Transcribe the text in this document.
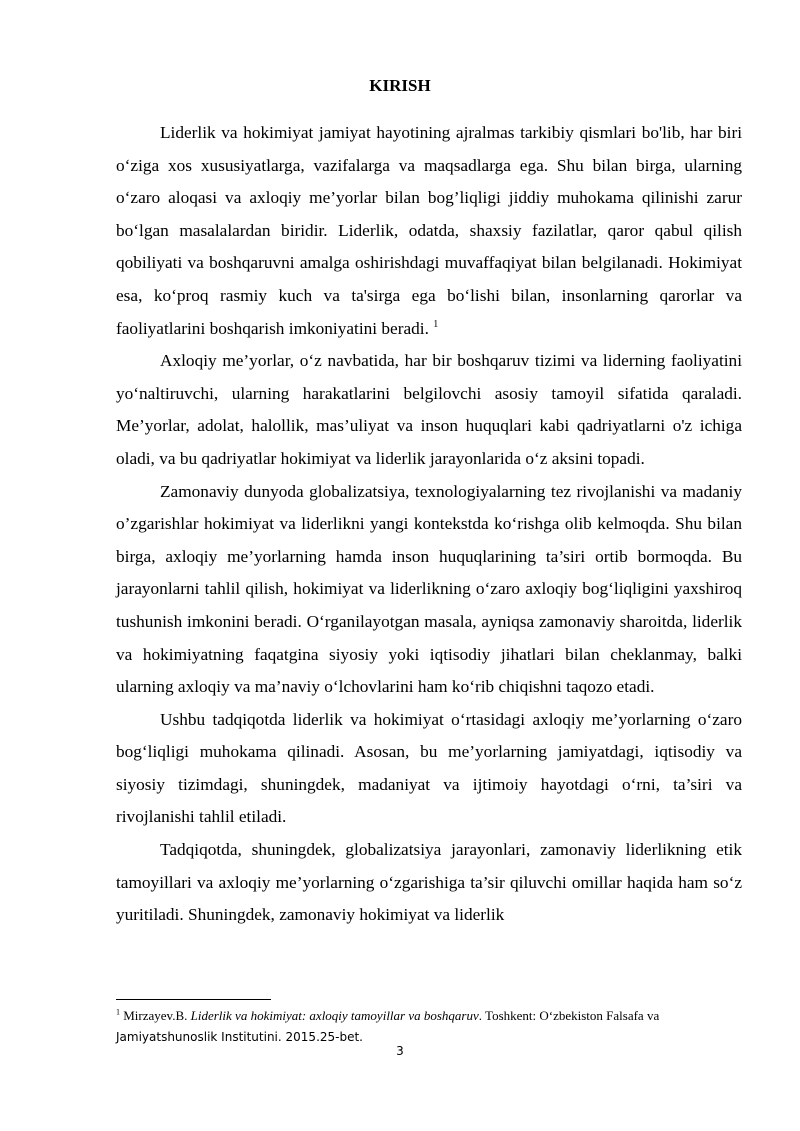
KIRISH

Liderlik va hokimiyat jamiyat hayotining ajralmas tarkibiy qismlari bo'lib, har biri o‘ziga xos xususiyatlarga, vazifalarga va maqsadlarga ega. Shu bilan birga, ularning o‘zaro aloqasi va axloqiy me’yorlar bilan bog’liqligi jiddiy muhokama qilinishi zarur bo‘lgan masalalardan biridir. Liderlik, odatda, shaxsiy fazilatlar, qaror qabul qilish qobiliyati va boshqaruvni amalga oshirishdagi muvaffaqiyat bilan belgilanadi. Hokimiyat esa, ko‘proq rasmiy kuch va ta'sirga ega bo‘lishi bilan, insonlarning qarorlar va faoliyatlarini boshqarish imkoniyatini beradi. $^1$

Axloqiy me’yorlar, o‘z navbatida, har bir boshqaruv tizimi va liderning faoliyatini yo‘naltiruvchi, ularning harakatlarini belgilovchi asosiy tamoyil sifatida qaraladi. Me’yorlar, adolat, halollik, mas’uliyat va inson huquqlari kabi qadriyatlarni o'z ichiga oladi, va bu qadriyatlar hokimiyat va liderlik jarayonlarida o‘z aksini topadi.

Zamonaviy dunyoda globalizatsiya, texnologiyalarning tez rivojlanishi va madaniy o’zgarishlar hokimiyat va liderlikni yangi kontekstda ko‘rishga olib kelmoqda. Shu bilan birga, axloqiy me’yorlarning hamda inson huquqlarining ta’siri ortib bormoqda. Bu jarayonlarni tahlil qilish, hokimiyat va liderlikning o‘zaro axloqiy bog‘liqligini yaxshiroq tushunish imkonini beradi. O‘rganilayotgan masala, ayniqsa zamonaviy sharoitda, liderlik va hokimiyatning faqatgina siyosiy yoki iqtisodiy jihatlari bilan cheklanmay, balki ularning axloqiy va ma’naviy o‘lchovlarini ham ko‘rib chiqishni taqozo etadi.

Ushbu tadqiqotda liderlik va hokimiyat o‘rtasidagi axloqiy me’yorlarning o‘zaro bog‘liqligi muhokama qilinadi. Asosan, bu me’yorlarning jamiyatdagi, iqtisodiy va siyosiy tizimdagi, shuningdek, madaniyat va ijtimoiy hayotdagi o‘rni, ta’siri va rivojlanishi tahlil etiladi.

Tadqiqotda, shuningdek, globalizatsiya jarayonlari, zamonaviy liderlikning etik tamoyillari va axloqiy me’yorlarning o‘zgarishiga ta’sir qiluvchi omillar haqida ham so‘z yuritiladi. Shuningdek, zamonaviy hokimiyat va liderlik

$^1$ Mirzayev.B. Liderlik va hokimiyat: axloqiy tamoyillar va boshqaruv. Toshkent: O‘zbekiston Falsafa va
Jamiyatshunoslik Institutini. 2015.25-bet.
3
